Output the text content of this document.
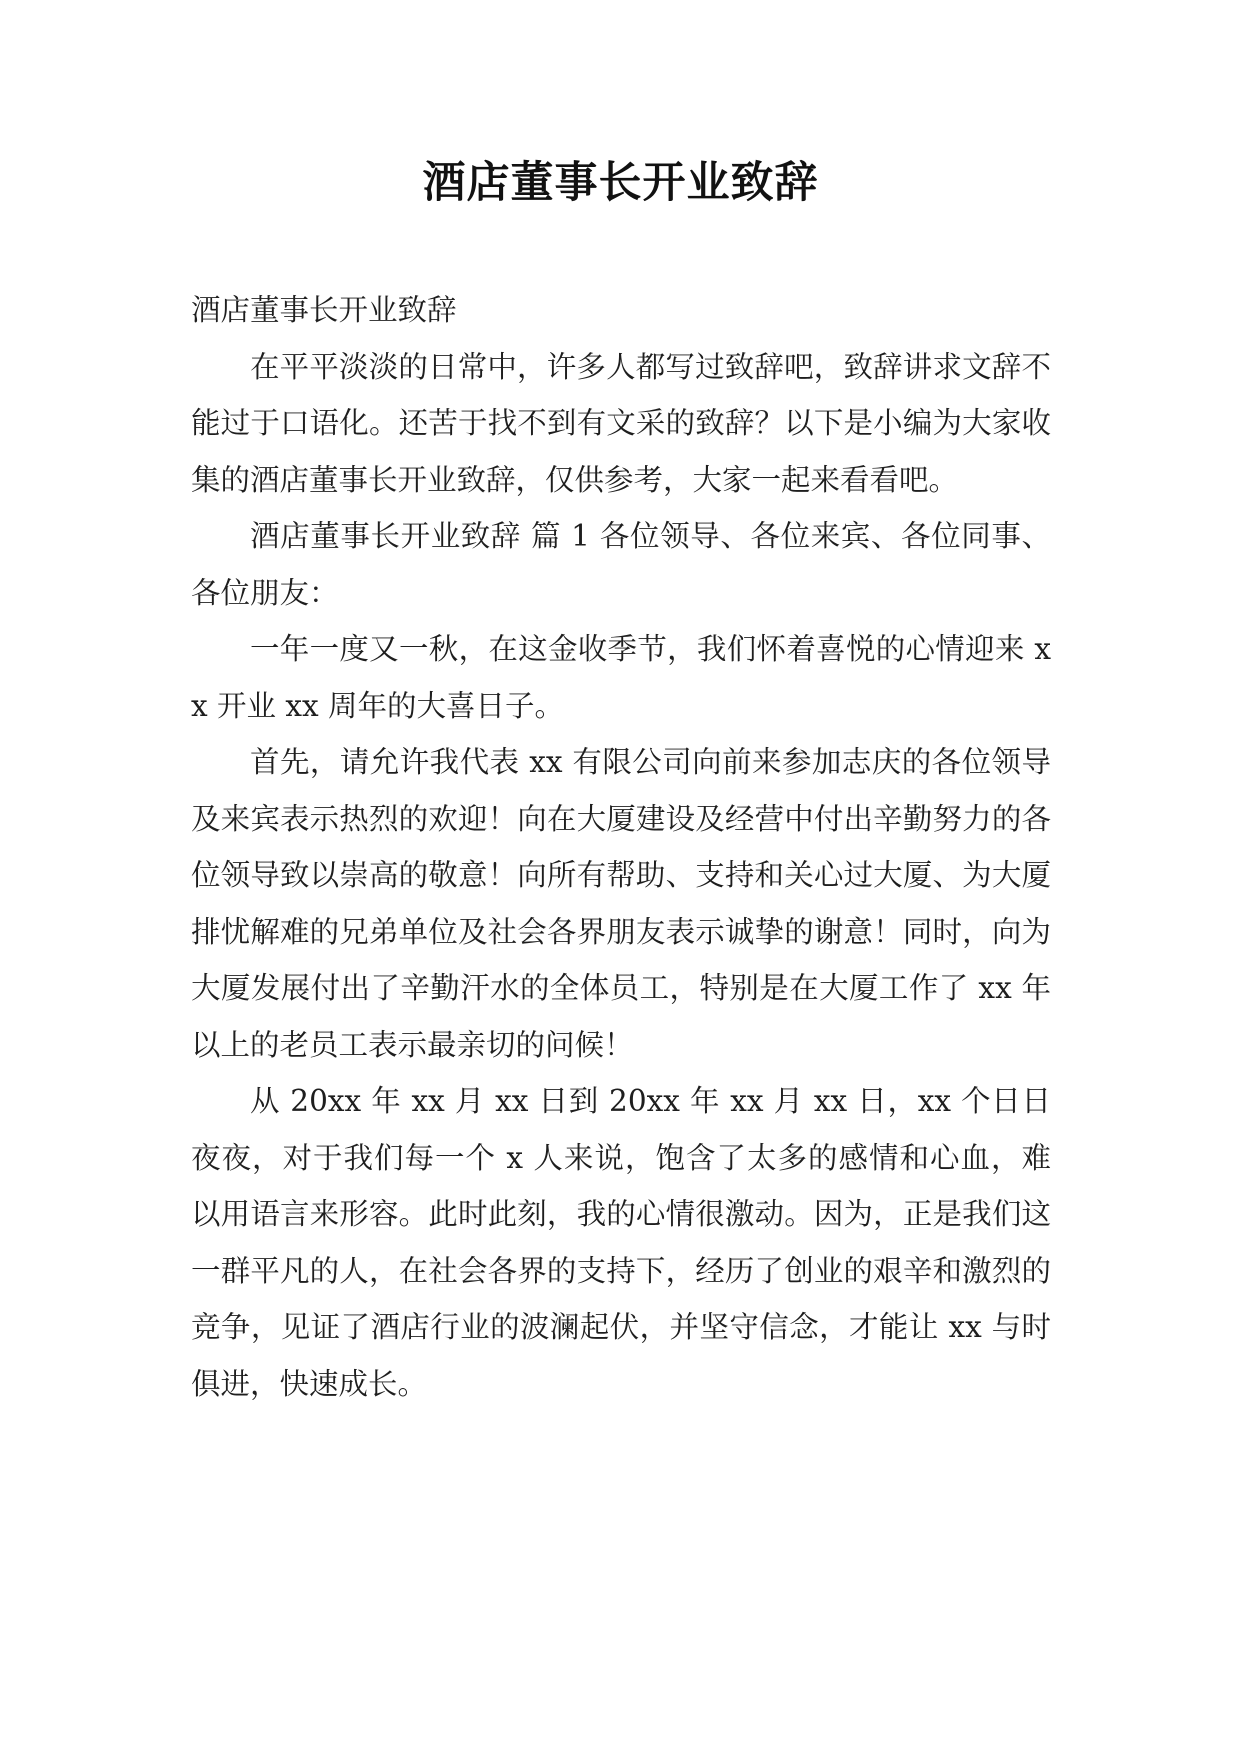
酒店董事长开业致辞

酒店董事长开业致辞

在平平淡淡的日常中，许多人都写过致辞吧，致辞讲求文辞不能过于口语化。还苦于找不到有文采的致辞？以下是小编为大家收集的酒店董事长开业致辞，仅供参考，大家一起来看看吧。

酒店董事长开业致辞 篇 1 各位领导、各位来宾、各位同事、各位朋友：

一年一度又一秋，在这金收季节，我们怀着喜悦的心情迎来 xx 开业 xx 周年的大喜日子。

首先，请允许我代表 xx 有限公司向前来参加志庆的各位领导及来宾表示热烈的欢迎！向在大厦建设及经营中付出辛勤努力的各位领导致以崇高的敬意！向所有帮助、支持和关心过大厦、为大厦排忧解难的兄弟单位及社会各界朋友表示诚挚的谢意！同时，向为大厦发展付出了辛勤汗水的全体员工，特别是在大厦工作了 xx 年以上的老员工表示最亲切的问候！

从 20xx 年 xx 月 xx 日到 20xx 年 xx 月 xx 日，xx 个日日夜夜，对于我们每一个 x 人来说，饱含了太多的感情和心血，难以用语言来形容。此时此刻，我的心情很激动。因为，正是我们这一群平凡的人，在社会各界的支持下，经历了创业的艰辛和激烈的竞争，见证了酒店行业的波澜起伏，并坚守信念，才能让 xx 与时俱进，快速成长。
